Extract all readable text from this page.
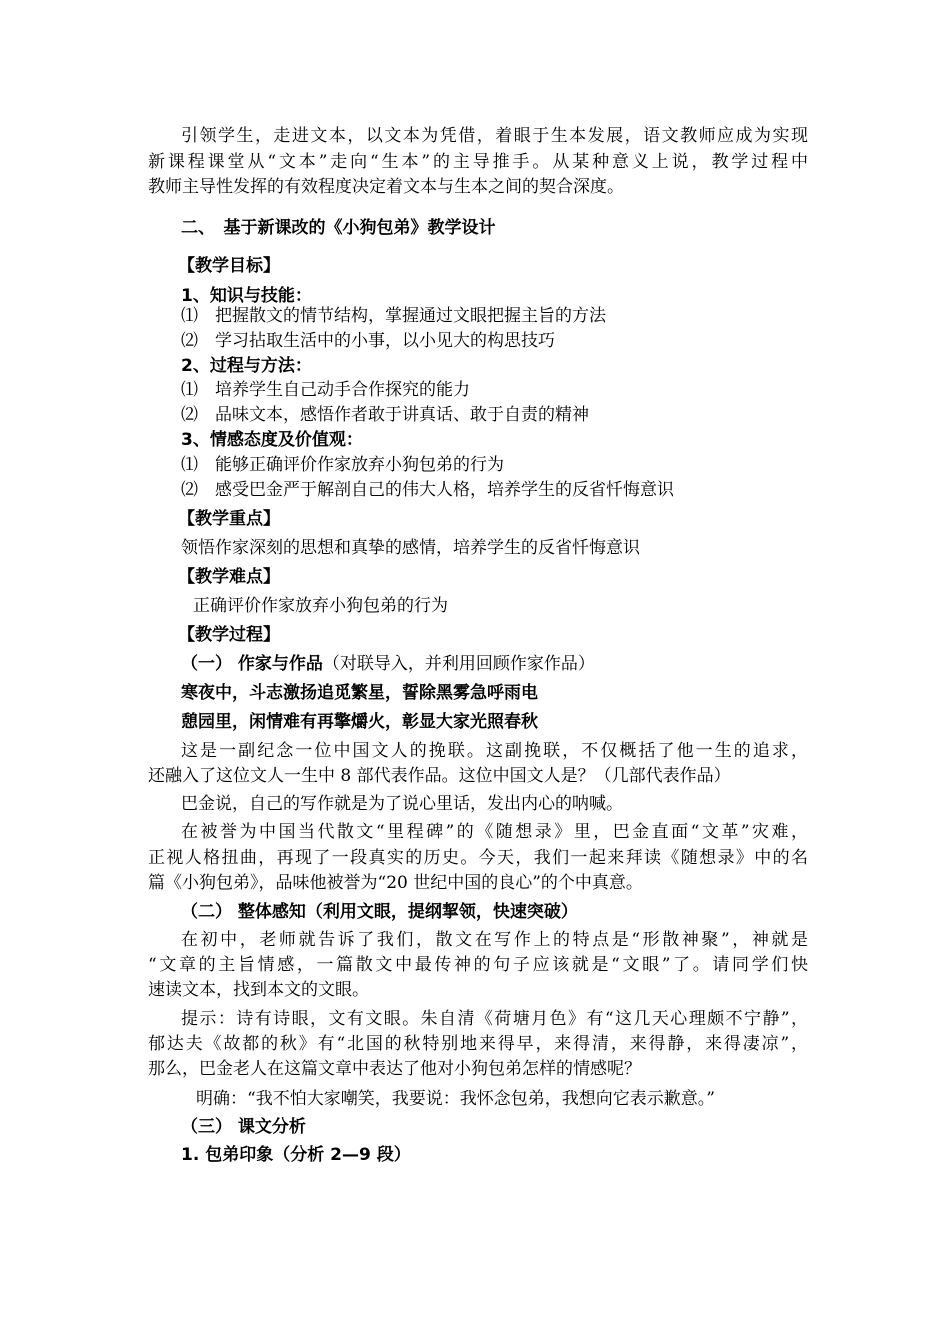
引领学生，走进文本，以文本为凭借，着眼于生本发展，语文教师应成为实现
新课程课堂从“文本”走向“生本”的主导推手。从某种意义上说，教学过程中
教师主导性发挥的有效程度决定着文本与生本之间的契合深度。
二、　基于新课改的《小狗包弟》教学设计
【教学目标】
1、知识与技能：
⑴　把握散文的情节结构，掌握通过文眼把握主旨的方法
⑵　学习拈取生活中的小事，以小见大的构思技巧
2、过程与方法：
⑴　培养学生自己动手合作探究的能力
⑵　品味文本，感悟作者敢于讲真话、敢于自责的精神
3、情感态度及价值观：
⑴　能够正确评价作家放弃小狗包弟的行为
⑵　感受巴金严于解剖自己的伟大人格，培养学生的反省忏悔意识
【教学重点】
领悟作家深刻的思想和真挚的感情，培养学生的反省忏悔意识
【教学难点】
正确评价作家放弃小狗包弟的行为
【教学过程】
（一） 作家与作品（对联导入，并利用回顾作家作品）
寒夜中，斗志激扬追觅繁星，誓除黑雾急呼雨电
憩园里，闲情难有再擎爝火，彰显大家光照春秋
这是一副纪念一位中国文人的挽联。这副挽联，不仅概括了他一生的追求，
还融入了这位文人一生中 8 部代表作品。这位中国文人是？（几部代表作品）
巴金说，自己的写作就是为了说心里话，发出内心的呐喊。
在被誉为中国当代散文“里程碑”的《随想录》里，巴金直面“文革”灾难，
正视人格扭曲，再现了一段真实的历史。今天，我们一起来拜读《随想录》中的名
篇《小狗包弟》，品味他被誉为“20 世纪中国的良心”的个中真意。
（二） 整体感知（利用文眼，提纲挈领，快速突破）
在初中，老师就告诉了我们，散文在写作上的特点是“形散神聚”，神就是
“文章的主旨情感，一篇散文中最传神的句子应该就是“文眼”了。请同学们快
速读文本，找到本文的文眼。
提示：诗有诗眼，文有文眼。朱自清《荷塘月色》有“这几天心理颇不宁静”，
郁达夫《故都的秋》有“北国的秋特别地来得早，来得清，来得静，来得凄凉”，
那么，巴金老人在这篇文章中表达了他对小狗包弟怎样的情感呢？
明确：“我不怕大家嘲笑，我要说：我怀念包弟，我想向它表示歉意。”
（三） 课文分析
1. 包弟印象（分析 2—9 段）
